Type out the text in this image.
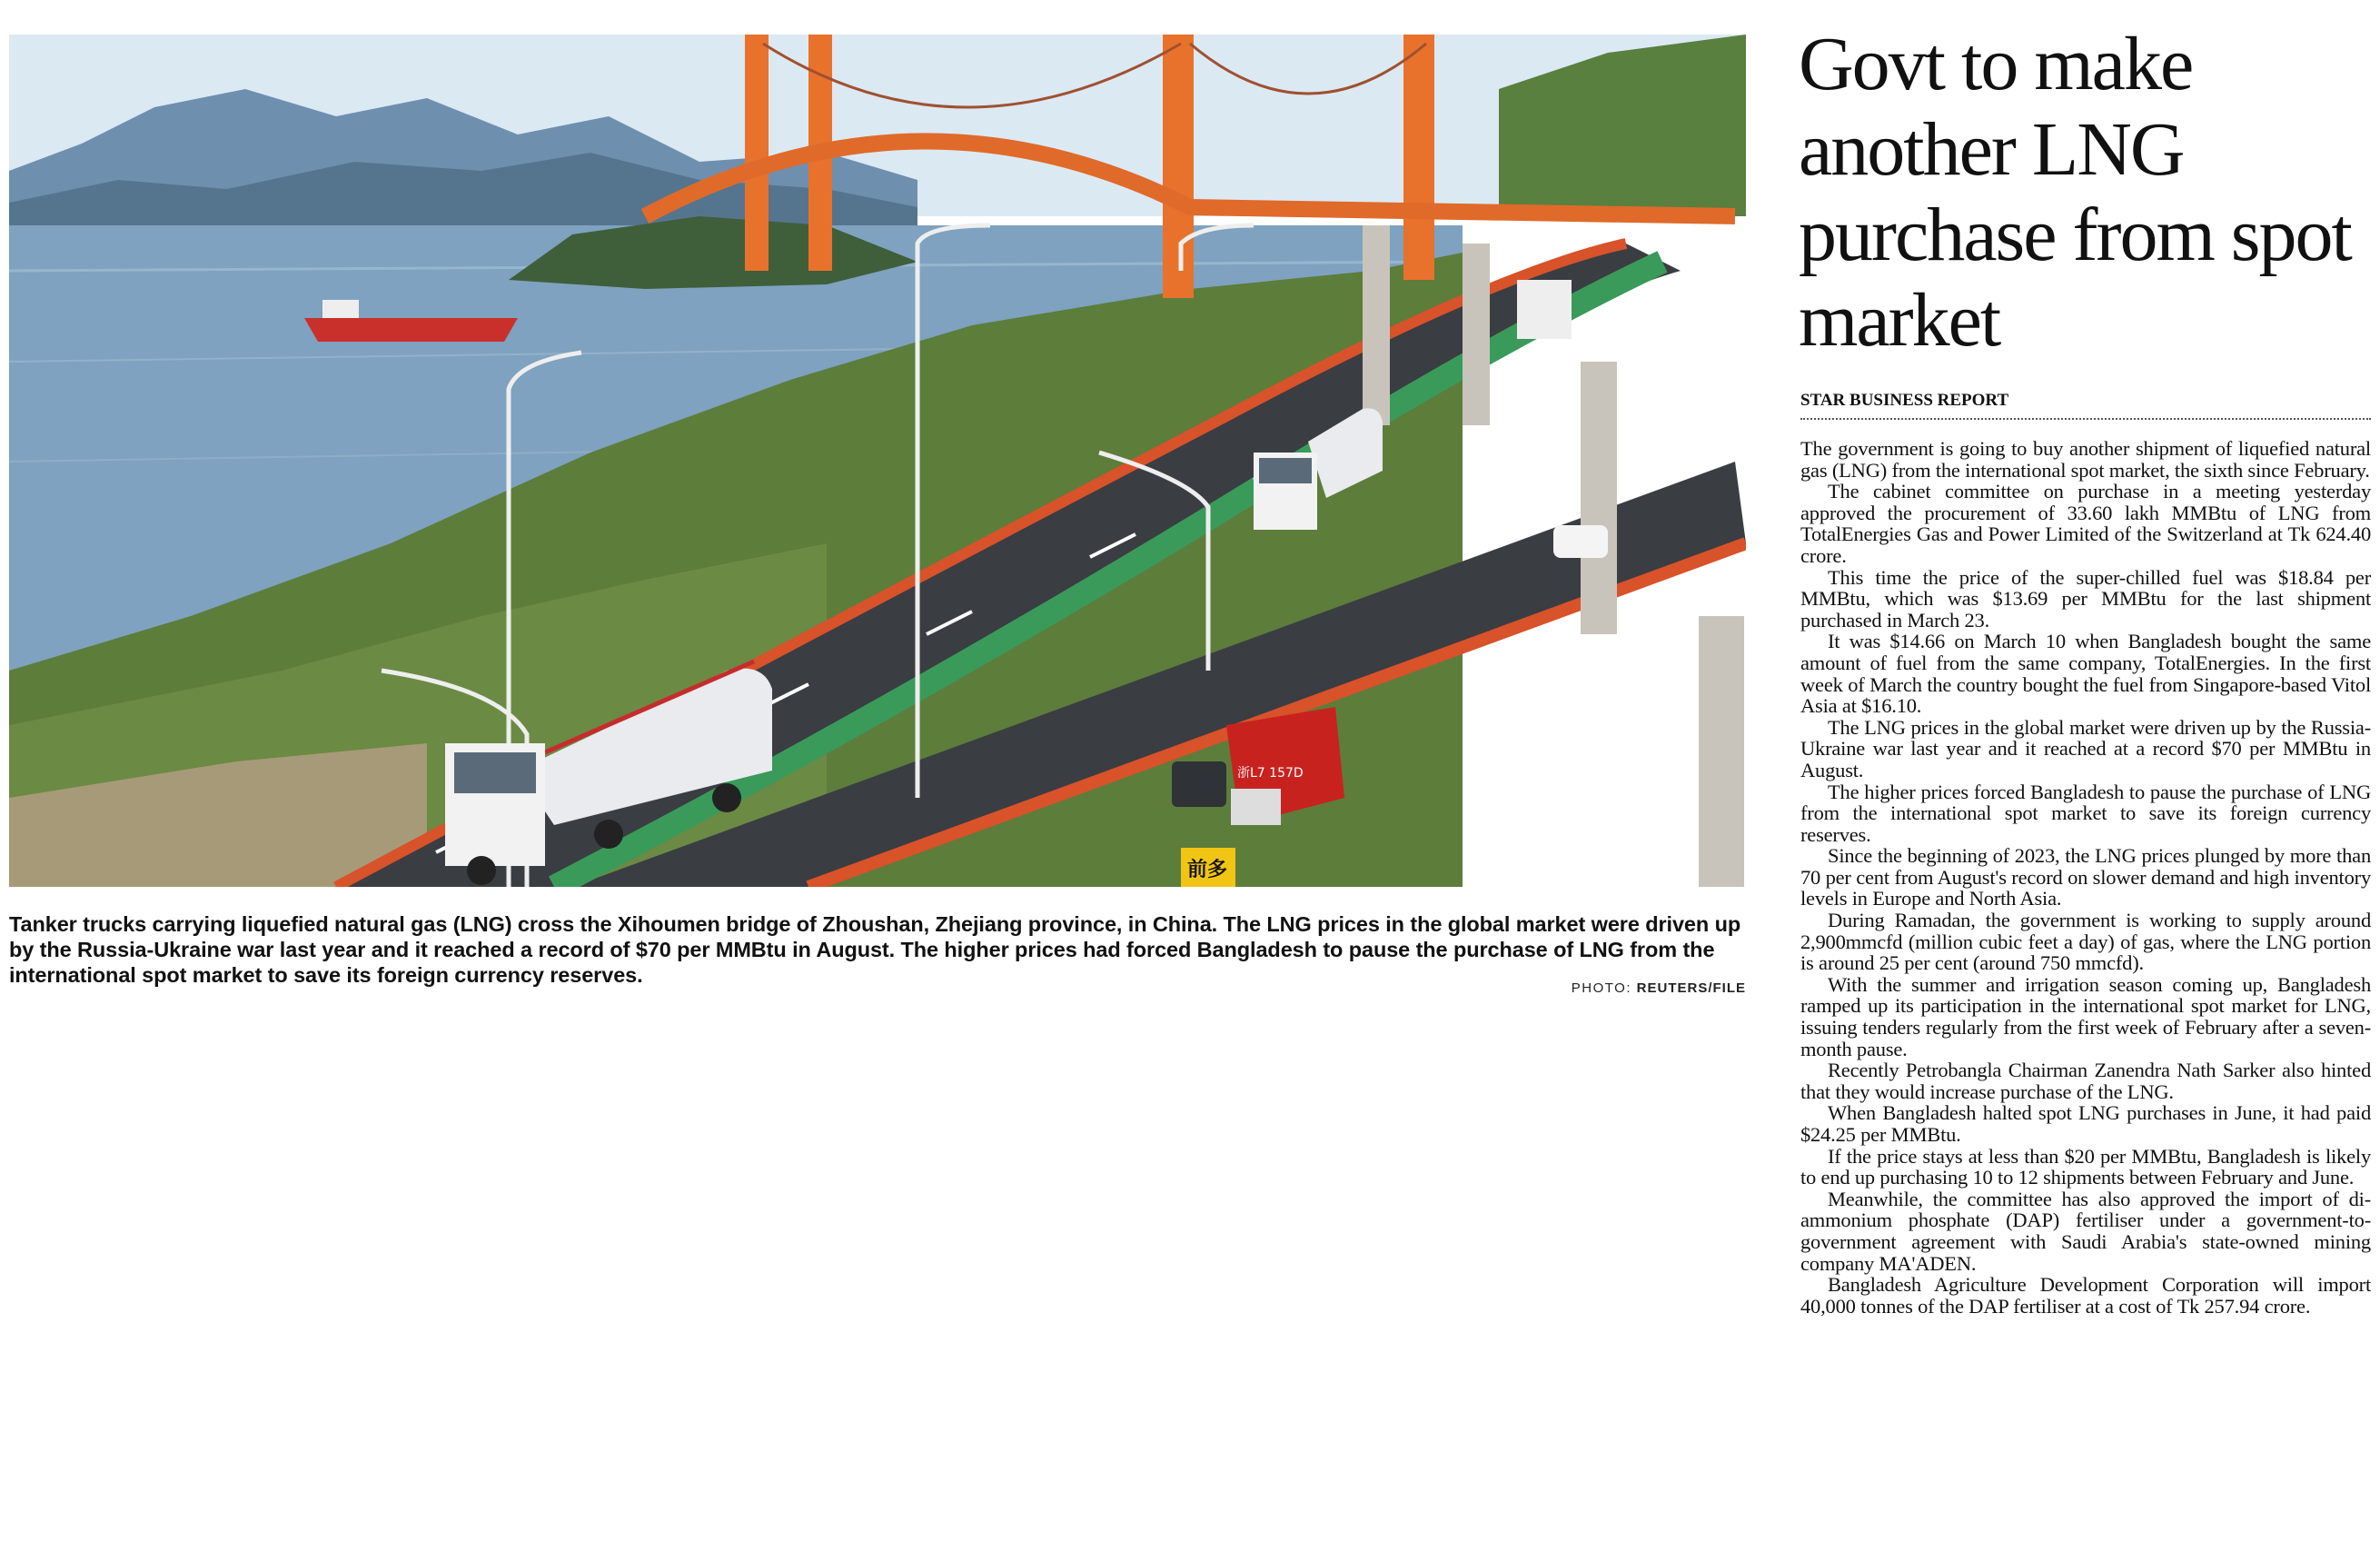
浙L7 157D
前多

Tanker trucks carrying liquefied natural gas (LNG) cross the Xihoumen bridge of Zhoushan, Zhejiang province, in China. The LNG prices in the global market were driven up by the Russia-Ukraine war last year and it reached a record of $70 per MMBtu in August. The higher prices had forced Bangladesh to pause the purchase of LNG from the international spot market to save its foreign currency reserves.

PHOTO: REUTERS/FILE
Govt to make another LNG purchase from spot market
STAR BUSINESS REPORT

The government is going to buy another shipment of liquefied natural gas (LNG) from the international spot market, the sixth since February.

The cabinet committee on purchase in a meeting yesterday approved the procurement of 33.60 lakh MMBtu of LNG from TotalEnergies Gas and Power Limited of the Switzerland at Tk 624.40 crore.

This time the price of the super-chilled fuel was $18.84 per MMBtu, which was $13.69 per MMBtu for the last shipment purchased in March 23.

It was $14.66 on March 10 when Bangladesh bought the same amount of fuel from the same company, TotalEnergies. In the first week of March the country bought the fuel from Singapore-based Vitol Asia at $16.10.

The LNG prices in the global market were driven up by the Russia-Ukraine war last year and it reached at a record $70 per MMBtu in August.

The higher prices forced Bangladesh to pause the purchase of LNG from the international spot market to save its foreign currency reserves.

Since the beginning of 2023, the LNG prices plunged by more than 70 per cent from August's record on slower demand and high inventory levels in Europe and North Asia.

During Ramadan, the government is working to supply around 2,900mmcfd (million cubic feet a day) of gas, where the LNG portion is around 25 per cent (around 750 mmcfd).

With the summer and irrigation season coming up, Bangladesh ramped up its participation in the international spot market for LNG, issuing tenders regularly from the first week of February after a seven-month pause.

Recently Petrobangla Chairman Zanendra Nath Sarker also hinted that they would increase purchase of the LNG.

When Bangladesh halted spot LNG purchases in June, it had paid $24.25 per MMBtu.

If the price stays at less than $20 per MMBtu, Bangladesh is likely to end up purchasing 10 to 12 shipments between February and June.

Meanwhile, the committee has also approved the import of di-ammonium phosphate (DAP) fertiliser under a government-to-government agreement with Saudi Arabia's state-owned mining company MA'ADEN.

Bangladesh Agriculture Development Corporation will import 40,000 tonnes of the DAP fertiliser at a cost of Tk 257.94 crore.
